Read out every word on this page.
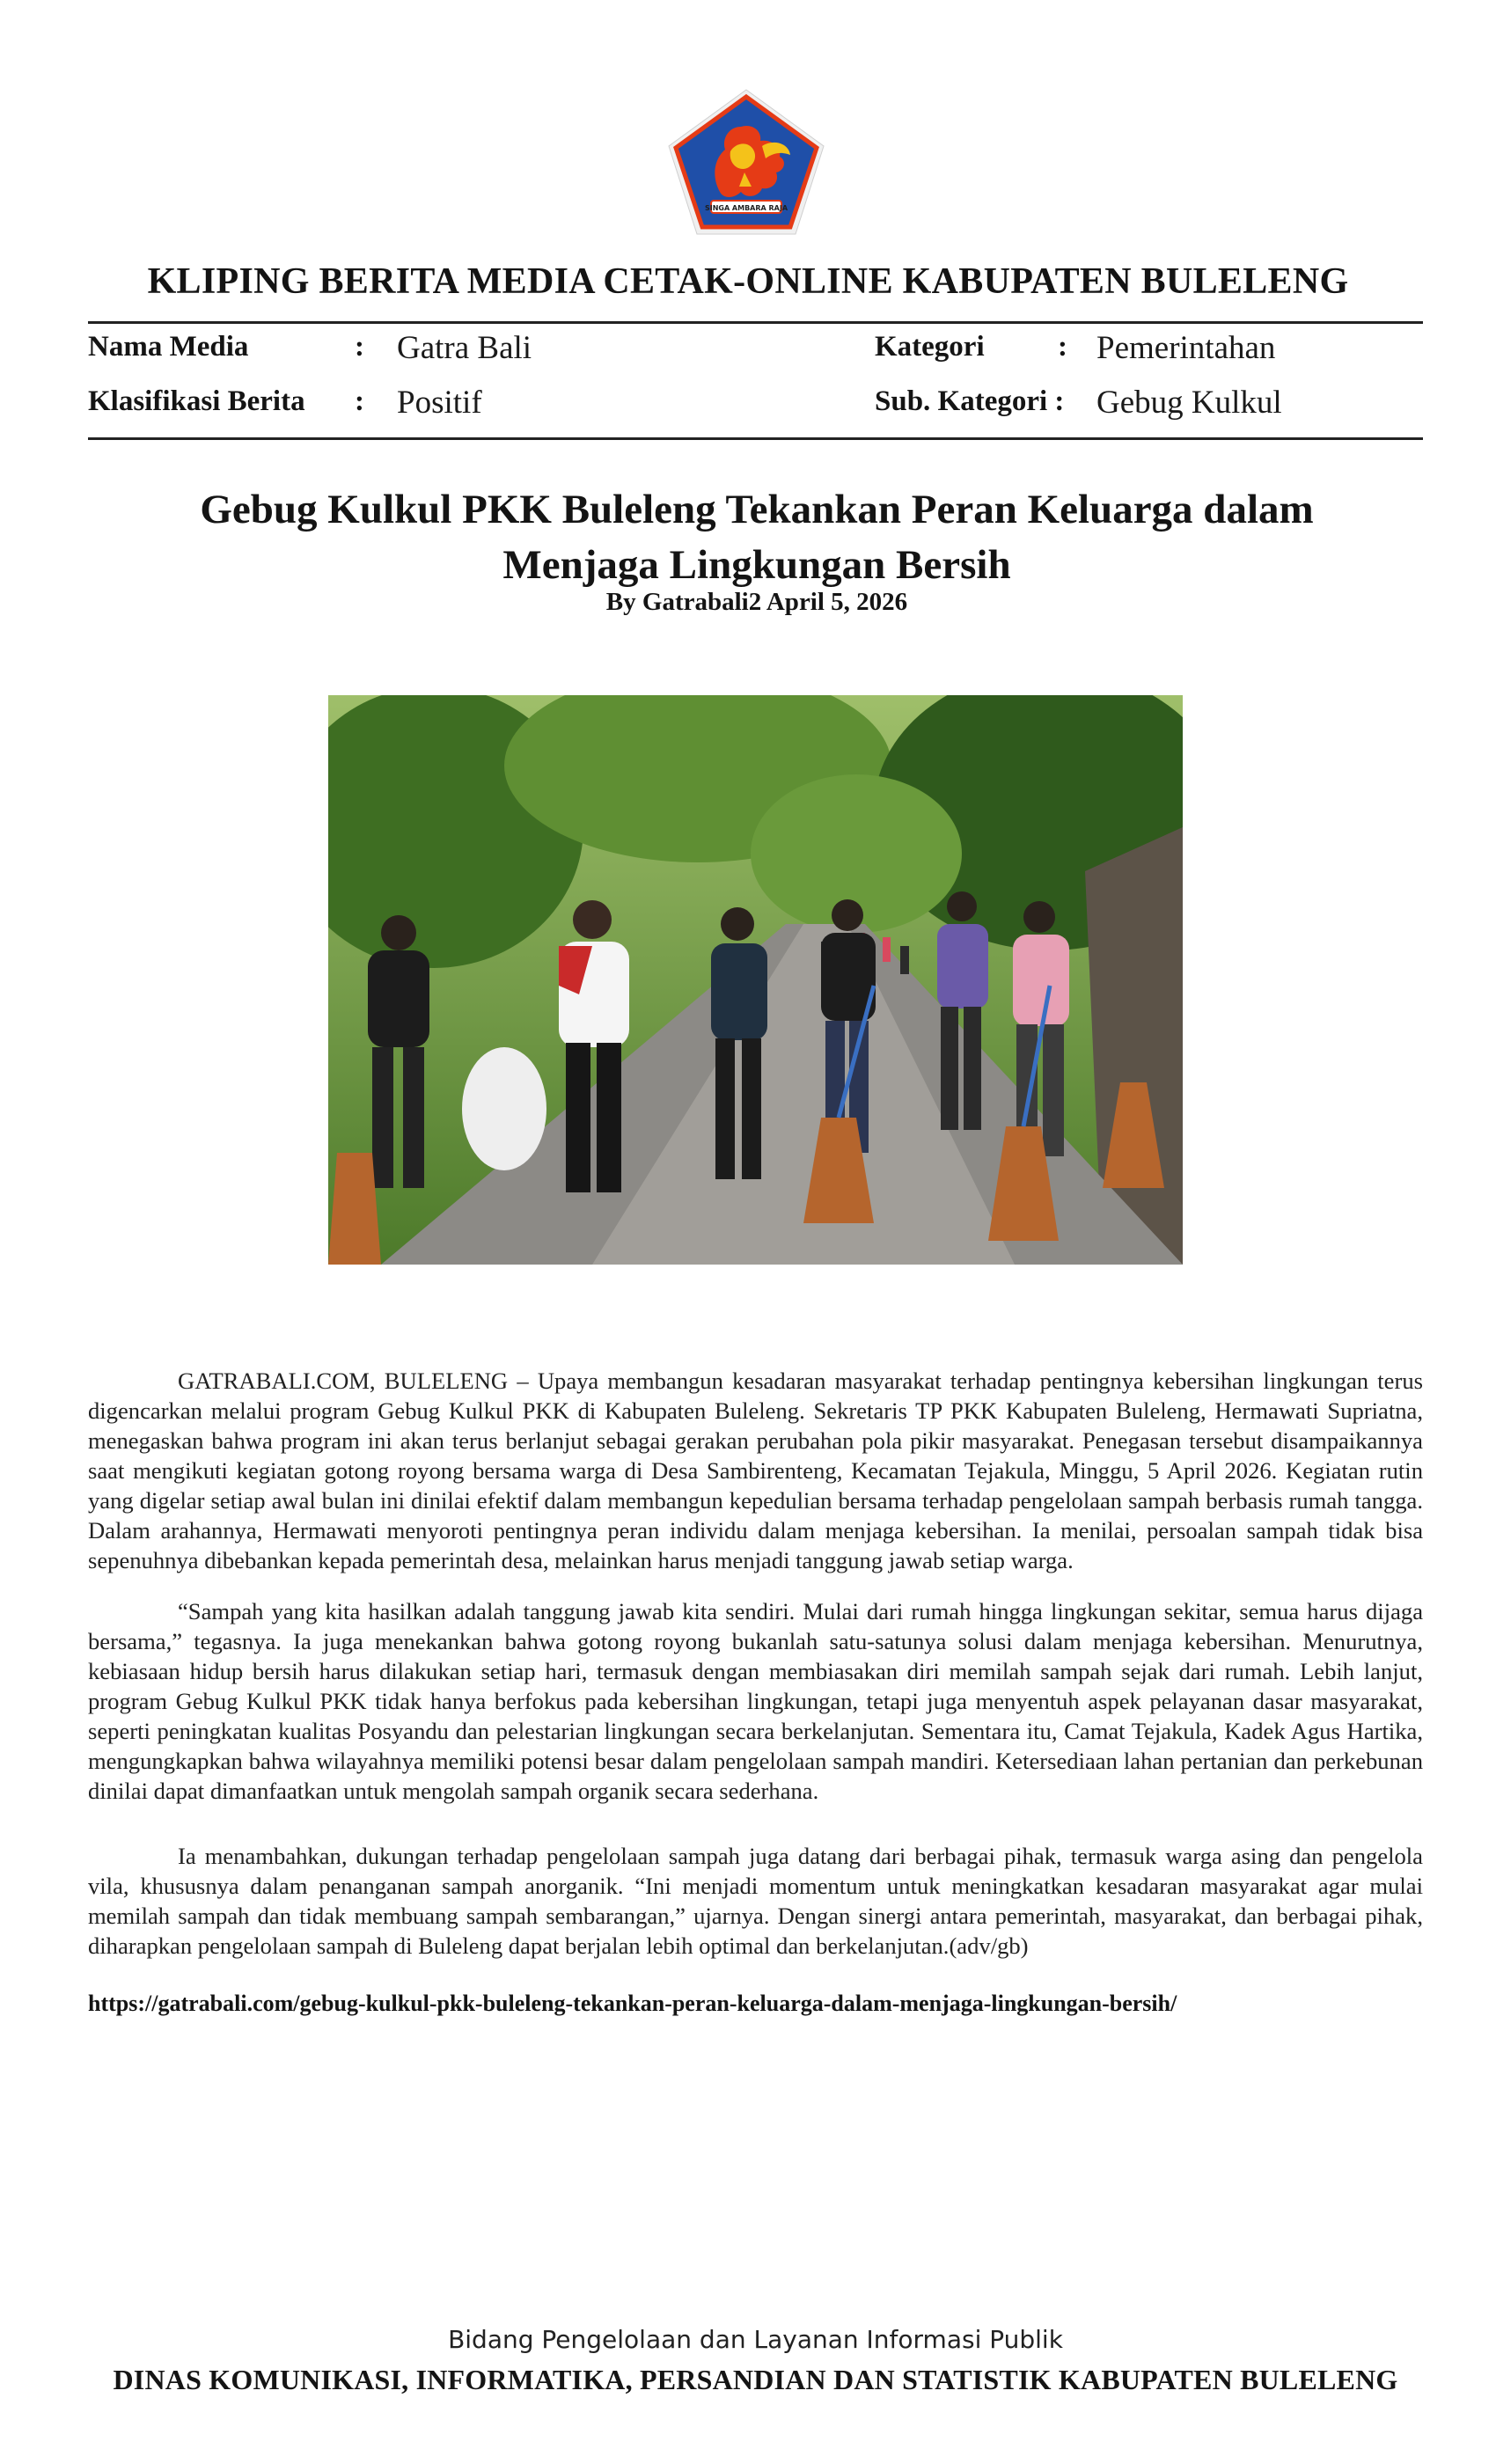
SINGA AMBARA RAJA
KLIPING BERITA MEDIA CETAK-ONLINE KABUPATEN BULELENG
Nama Media	: Gatra Bali
Klasifikasi Berita : Positif
Kategori	: Pemerintahan
Sub. Kategori : Gebug Kulkul
Gebug Kulkul PKK Buleleng Tekankan Peran Keluarga dalam Menjaga Lingkungan Bersih
By Gatrabali2 April 5, 2026

GATRABALI.COM, BULELENG – Upaya membangun kesadaran masyarakat terhadap pentingnya kebersihan lingkungan terus digencarkan melalui program Gebug Kulkul PKK di Kabupaten Buleleng. Sekretaris TP PKK Kabupaten Buleleng, Hermawati Supriatna, menegaskan bahwa program ini akan terus berlanjut sebagai gerakan perubahan pola pikir masyarakat. Penegasan tersebut disampaikannya saat mengikuti kegiatan gotong royong bersama warga di Desa Sambirenteng, Kecamatan Tejakula, Minggu, 5 April 2026. Kegiatan rutin yang digelar setiap awal bulan ini dinilai efektif dalam membangun kepedulian bersama terhadap pengelolaan sampah berbasis rumah tangga. Dalam arahannya, Hermawati menyoroti pentingnya peran individu dalam menjaga kebersihan. Ia menilai, persoalan sampah tidak bisa sepenuhnya dibebankan kepada pemerintah desa, melainkan harus menjadi tanggung jawab setiap warga.

“Sampah yang kita hasilkan adalah tanggung jawab kita sendiri. Mulai dari rumah hingga lingkungan sekitar, semua harus dijaga bersama,” tegasnya. Ia juga menekankan bahwa gotong royong bukanlah satu-satunya solusi dalam menjaga kebersihan. Menurutnya, kebiasaan hidup bersih harus dilakukan setiap hari, termasuk dengan membiasakan diri memilah sampah sejak dari rumah. Lebih lanjut, program Gebug Kulkul PKK tidak hanya berfokus pada kebersihan lingkungan, tetapi juga menyentuh aspek pelayanan dasar masyarakat, seperti peningkatan kualitas Posyandu dan pelestarian lingkungan secara berkelanjutan. Sementara itu, Camat Tejakula, Kadek Agus Hartika, mengungkapkan bahwa wilayahnya memiliki potensi besar dalam pengelolaan sampah mandiri. Ketersediaan lahan pertanian dan perkebunan dinilai dapat dimanfaatkan untuk mengolah sampah organik secara sederhana.

Ia menambahkan, dukungan terhadap pengelolaan sampah juga datang dari berbagai pihak, termasuk warga asing dan pengelola vila, khususnya dalam penanganan sampah anorganik. “Ini menjadi momentum untuk meningkatkan kesadaran masyarakat agar mulai memilah sampah dan tidak membuang sampah sembarangan,” ujarnya. Dengan sinergi antara pemerintah, masyarakat, dan berbagai pihak, diharapkan pengelolaan sampah di Buleleng dapat berjalan lebih optimal dan berkelanjutan.(adv/gb)

https://gatrabali.com/gebug-kulkul-pkk-buleleng-tekankan-peran-keluarga-dalam-menjaga-lingkungan-bersih/
Bidang Pengelolaan dan Layanan Informasi Publik
DINAS KOMUNIKASI, INFORMATIKA, PERSANDIAN DAN STATISTIK KABUPATEN BULELENG
